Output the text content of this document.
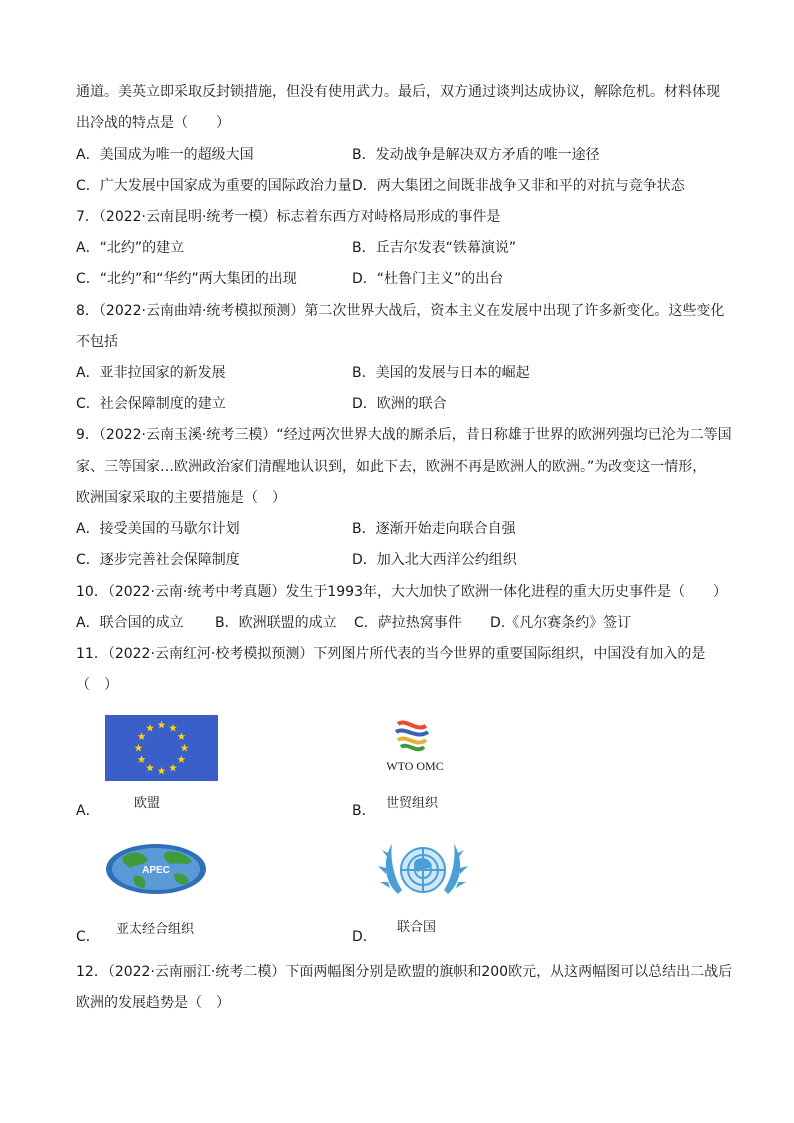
通道。美英立即采取反封锁措施，但没有使用武力。最后，双方通过谈判达成协议，解除危机。材料体现
出冷战的特点是（　　）
A．美国成为唯一的超级大国	B．发动战争是解决双方矛盾的唯一途径
C．广大发展中国家成为重要的国际政治力量 D．两大集团之间既非战争又非和平的对抗与竞争状态
7．（2022·云南昆明·统考一模）标志着东西方对峙格局形成的事件是
A．“北约”的建立	B．丘吉尔发表“铁幕演说”
C．“北约”和“华约”两大集团的出现	D．“杜鲁门主义”的出台
8．（2022·云南曲靖·统考模拟预测）第二次世界大战后，资本主义在发展中出现了许多新变化。这些变化
不包括
A．亚非拉国家的新发展	B．美国的发展与日本的崛起
C．社会保障制度的建立	D．欧洲的联合
9．（2022·云南玉溪·统考三模）“经过两次世界大战的厮杀后，昔日称雄于世界的欧洲列强均已沦为二等国
家、三等国家…欧洲政治家们清醒地认识到，如此下去，欧洲不再是欧洲人的欧洲。”为改变这一情形，
欧洲国家采取的主要措施是（　）
A．接受美国的马歇尔计划	B．逐渐开始走向联合自强
C．逐步完善社会保障制度	D．加入北大西洋公约组织
10．（2022·云南·统考中考真题）发生于1993年，大大加快了欧洲一体化进程的重大历史事件是（　　）
A．联合国的成立 B．欧洲联盟的成立 C．萨拉热窝事件 D.《凡尔赛条约》签订
11．（2022·云南红河·校考模拟预测）下列图片所代表的当今世界的重要国际组织，中国没有加入的是
（　）
A．	欧盟
WTO OMC
B． 世贸组织
APEC
C． 亚太经合组织	D．
联合国
12．（2022·云南丽江·统考二模）下面两幅图分别是欧盟的旗帜和200欧元，从这两幅图可以总结出二战后
欧洲的发展趋势是（　）
